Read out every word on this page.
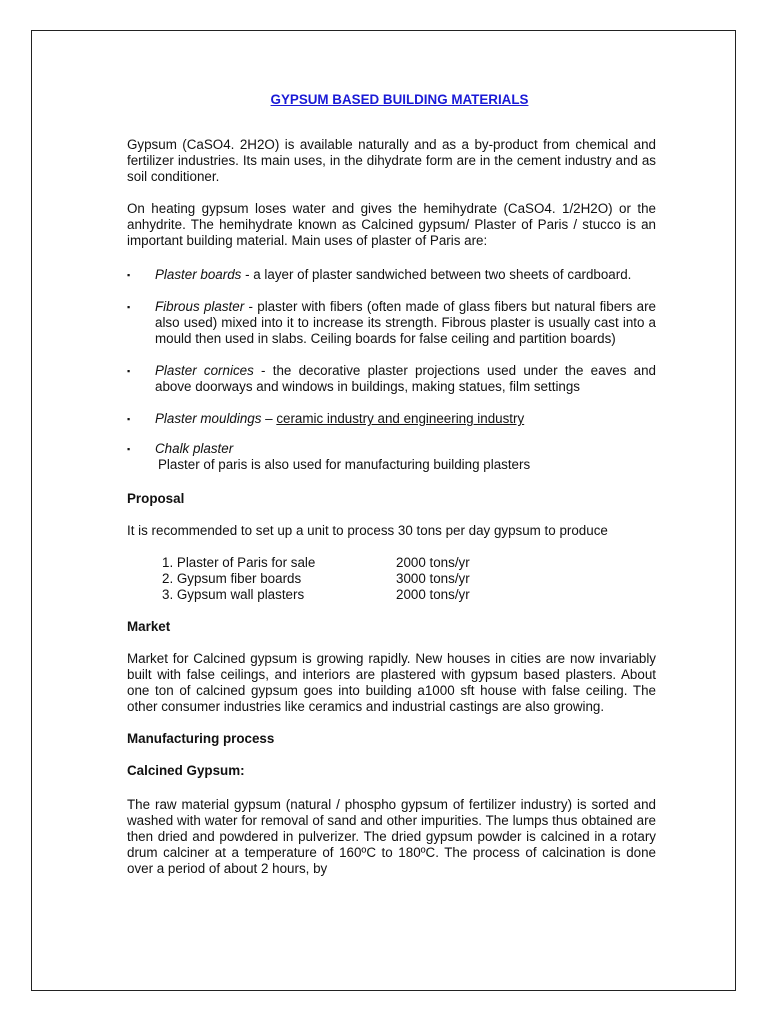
GYPSUM BASED BUILDING MATERIALS

Gypsum (CaSO4. 2H2O) is available naturally and as a by-product from chemical and fertilizer industries. Its main uses, in the dihydrate form are in the cement industry and as soil conditioner.

On heating gypsum loses water and gives the hemihydrate (CaSO4. 1/2H2O) or the anhydrite. The hemihydrate known as Calcined gypsum/ Plaster of Paris / stucco is an important building material. Main uses of plaster of Paris are:

▪ Plaster boards - a layer of plaster sandwiched between two sheets of cardboard.
▪ Fibrous plaster - plaster with fibers (often made of glass fibers but natural fibers are also used) mixed into it to increase its strength. Fibrous plaster is usually cast into a mould then used in slabs. Ceiling boards for false ceiling and partition boards)
▪ Plaster cornices - the decorative plaster projections used under the eaves and above doorways and windows in buildings, making statues, film settings
▪ Plaster mouldings – ceramic industry and engineering industry
▪ Chalk plaster
Plaster of paris is also used for manufacturing building plasters
Proposal

It is recommended to set up a unit to process 30 tons per day gypsum to produce

1. Plaster of Paris for sale	2000 tons/yr
2. Gypsum fiber boards	3000 tons/yr
3. Gypsum wall plasters	2000 tons/yr
Market

Market for Calcined gypsum is growing rapidly. New houses in cities are now invariably built with false ceilings, and interiors are plastered with gypsum based plasters. About one ton of calcined gypsum goes into building a1000 sft house with false ceiling. The other consumer industries like ceramics and industrial castings are also growing.

Manufacturing process
Calcined Gypsum:

The raw material gypsum (natural / phospho gypsum of fertilizer industry) is sorted and washed with water for removal of sand and other impurities. The lumps thus obtained are then dried and powdered in pulverizer. The dried gypsum powder is calcined in a rotary drum calciner at a temperature of 160ºC to 180ºC. The process of calcination is done over a period of about 2 hours, by
